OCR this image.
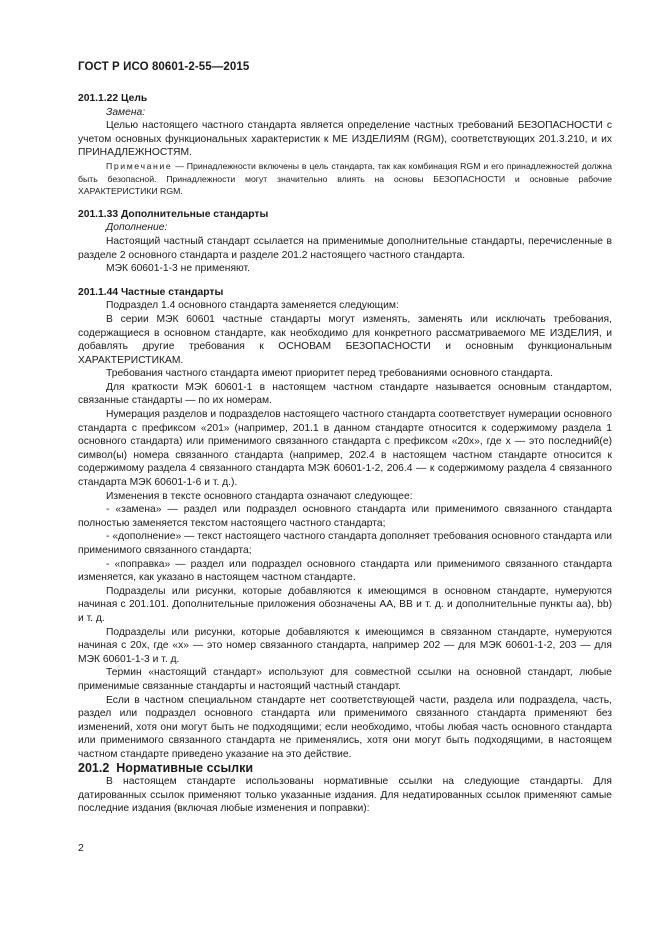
ГОСТ Р ИСО 80601-2-55—2015

201.1.22 Цель

Замена:

Целью настоящего частного стандарта является определение частных требований БЕЗОПАСНОСТИ с учетом основных функциональных характеристик к МЕ ИЗДЕЛИЯМ (RGM), соответствующих 201.3.210, и их ПРИНАДЛЕЖНОСТЯМ.

Примечание — Принадлежности включены в цель стандарта, так как комбинация RGM и его принадлежностей должна быть безопасной. Принадлежности могут значительно влиять на основы БЕЗОПАСНОСТИ и основные рабочие ХАРАКТЕРИСТИКИ RGM.

201.1.33 Дополнительные стандарты

Дополнение:

Настоящий частный стандарт ссылается на применимые дополнительные стандарты, перечисленные в разделе 2 основного стандарта и разделе 201.2 настоящего частного стандарта.

МЭК 60601-1-3 не применяют.

201.1.44 Частные стандарты

Подраздел 1.4 основного стандарта заменяется следующим:

В серии МЭК 60601 частные стандарты могут изменять, заменять или исключать требования, содержащиеся в основном стандарте, как необходимо для конкретного рассматриваемого МЕ ИЗДЕЛИЯ, и добавлять другие требования к ОСНОВАМ БЕЗОПАСНОСТИ и основным функциональным ХАРАКТЕРИСТИКАМ.

Требования частного стандарта имеют приоритет перед требованиями основного стандарта.

Для краткости МЭК 60601-1 в настоящем частном стандарте называется основным стандартом, связанные стандарты — по их номерам.

Нумерация разделов и подразделов настоящего частного стандарта соответствует нумерации основного стандарта с префиксом «201» (например, 201.1 в данном стандарте относится к содержимому раздела 1 основного стандарта) или применимого связанного стандарта с префиксом «20х», где х — это последний(е) символ(ы) номера связанного стандарта (например, 202.4 в настоящем частном стандарте относится к содержимому раздела 4 связанного стандарта МЭК 60601-1-2, 206.4 — к содержимому раздела 4 связанного стандарта МЭК 60601-1-6 и т. д.).

Изменения в тексте основного стандарта означают следующее:

- «замена» — раздел или подраздел основного стандарта или применимого связанного стандарта полностью заменяется текстом настоящего частного стандарта;

- «дополнение» — текст настоящего частного стандарта дополняет требования основного стандарта или применимого связанного стандарта;

- «поправка» — раздел или подраздел основного стандарта или применимого связанного стандарта изменяется, как указано в настоящем частном стандарте.

Подразделы или рисунки, которые добавляются к имеющимся в основном стандарте, нумеруются начиная с 201.101. Дополнительные приложения обозначены АА, ВВ и т. д. и дополнительные пункты аа), bb) и т. д.

Подразделы или рисунки, которые добавляются к имеющимся в связанном стандарте, нумеруются начиная с 20х, где «х» — это номер связанного стандарта, например 202 — для МЭК 60601-1-2, 203 — для МЭК 60601-1-3 и т. д.

Термин «настоящий стандарт» используют для совместной ссылки на основной стандарт, любые применимые связанные стандарты и настоящий частный стандарт.

Если в частном специальном стандарте нет соответствующей части, раздела или подраздела, часть, раздел или подраздел основного стандарта или применимого связанного стандарта применяют без изменений, хотя они могут быть не подходящими; если необходимо, чтобы любая часть основного стандарта или применимого связанного стандарта не применялись, хотя они могут быть подходящими, в настоящем частном стандарте приведено указание на это действие.

201.2 Нормативные ссылки

В настоящем стандарте использованы нормативные ссылки на следующие стандарты. Для датированных ссылок применяют только указанные издания. Для недатированных ссылок применяют самые последние издания (включая любые изменения и поправки):

2
